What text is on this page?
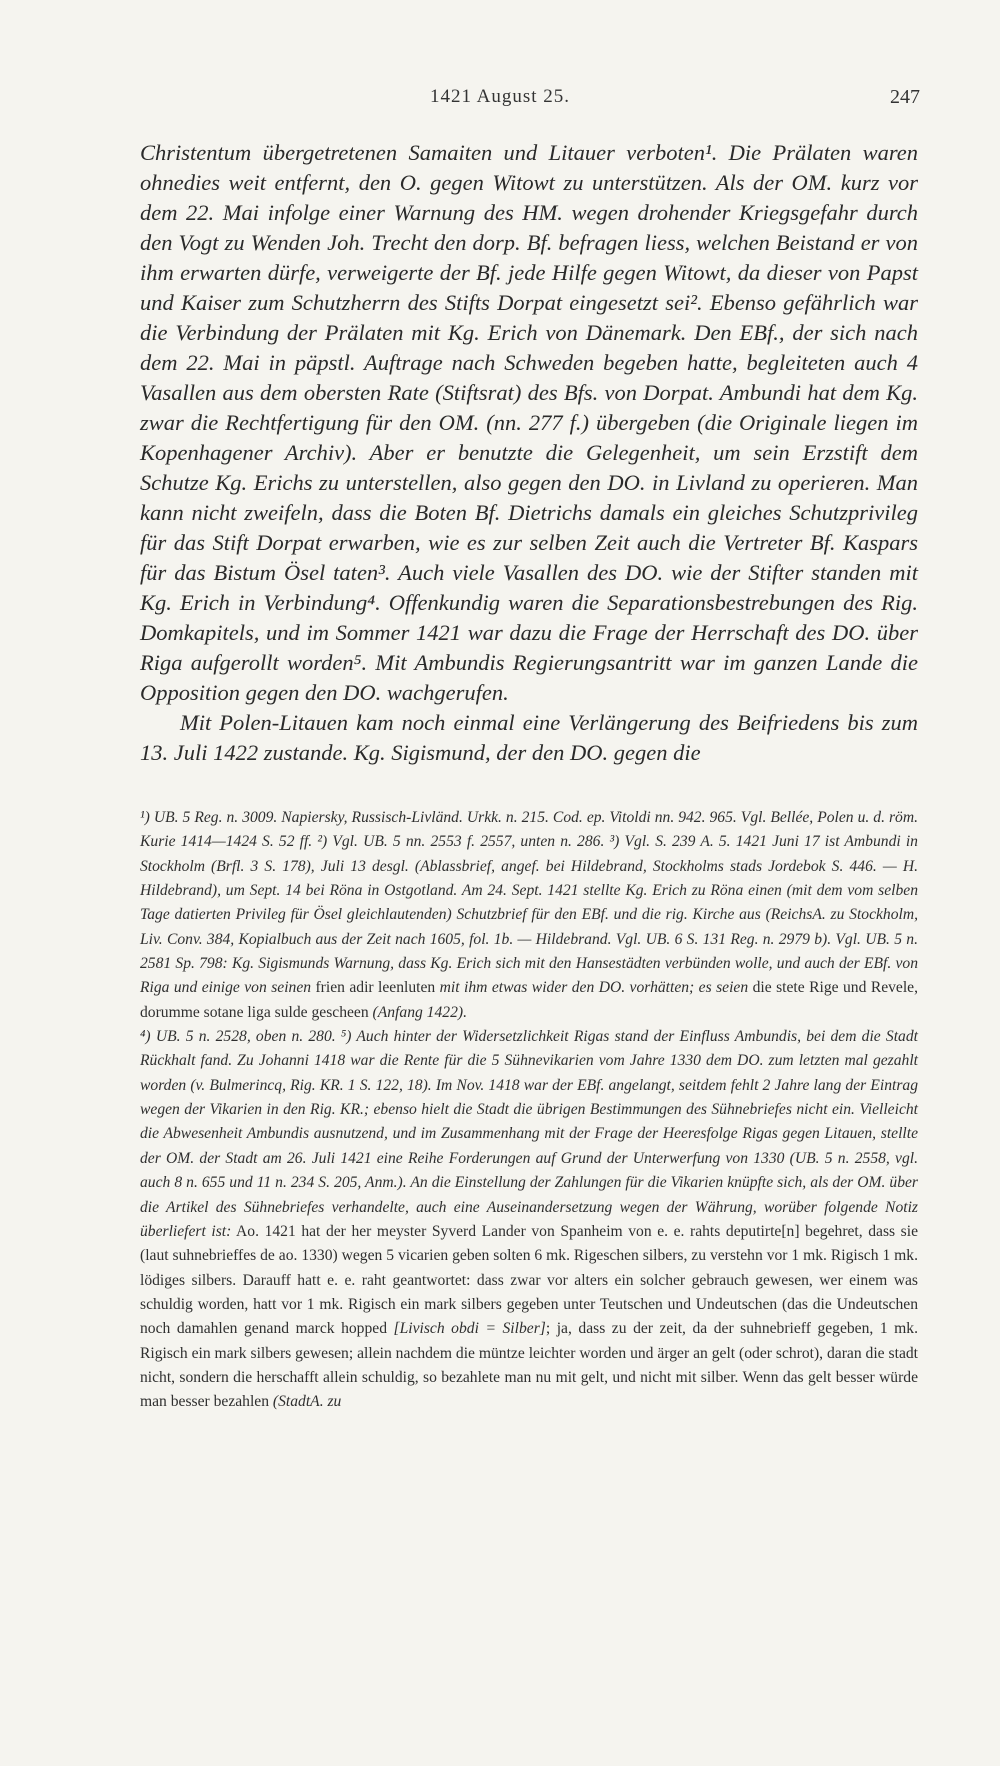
1421 August 25.	247

Christentum übergetretenen Samaiten und Litauer verboten¹. Die Prälaten waren ohnedies weit entfernt, den O. gegen Witowt zu unterstützen. Als der OM. kurz vor dem 22. Mai infolge einer Warnung des HM. wegen drohender Kriegsgefahr durch den Vogt zu Wenden Joh. Trecht den dorp. Bf. befragen liess, welchen Beistand er von ihm erwarten dürfe, verweigerte der Bf. jede Hilfe gegen Witowt, da dieser von Papst und Kaiser zum Schutzherrn des Stifts Dorpat eingesetzt sei². Ebenso gefährlich war die Verbindung der Prälaten mit Kg. Erich von Dänemark. Den EBf., der sich nach dem 22. Mai in päpstl. Auftrage nach Schweden begeben hatte, begleiteten auch 4 Vasallen aus dem obersten Rate (Stiftsrat) des Bfs. von Dorpat. Ambundi hat dem Kg. zwar die Rechtfertigung für den OM. (nn. 277 f.) übergeben (die Originale liegen im Kopenhagener Archiv). Aber er benutzte die Gelegenheit, um sein Erzstift dem Schutze Kg. Erichs zu unterstellen, also gegen den DO. in Livland zu operieren. Man kann nicht zweifeln, dass die Boten Bf. Dietrichs damals ein gleiches Schutzprivileg für das Stift Dorpat erwarben, wie es zur selben Zeit auch die Vertreter Bf. Kaspars für das Bistum Ösel taten³. Auch viele Vasallen des DO. wie der Stifter standen mit Kg. Erich in Verbindung⁴. Offenkundig waren die Separationsbestrebungen des Rig. Domkapitels, und im Sommer 1421 war dazu die Frage der Herrschaft des DO. über Riga aufgerollt worden⁵. Mit Ambundis Regierungsantritt war im ganzen Lande die Opposition gegen den DO. wachgerufen.

Mit Polen-Litauen kam noch einmal eine Verlängerung des Beifriedens bis zum 13. Juli 1422 zustande. Kg. Sigismund, der den DO. gegen die

¹) UB. 5 Reg. n. 3009. Napiersky, Russisch-Livländ. Urkk. n. 215. Cod. ep. Vitoldi nn. 942. 965. Vgl. Bellée, Polen u. d. röm. Kurie 1414—1424 S. 52 ff. ²) Vgl. UB. 5 nn. 2553 f. 2557, unten n. 286. ³) Vgl. S. 239 A. 5. 1421 Juni 17 ist Ambundi in Stockholm (Brfl. 3 S. 178), Juli 13 desgl. (Ablassbrief, angef. bei Hildebrand, Stockholms stads Jordebok S. 446. — H. Hildebrand), um Sept. 14 bei Röna in Ostgotland. Am 24. Sept. 1421 stellte Kg. Erich zu Röna einen (mit dem vom selben Tage datierten Privileg für Ösel gleichlautenden) Schutzbrief für den EBf. und die rig. Kirche aus (ReichsA. zu Stockholm, Liv. Conv. 384, Kopialbuch aus der Zeit nach 1605, fol. 1b. — Hildebrand. Vgl. UB. 6 S. 131 Reg. n. 2979 b). Vgl. UB. 5 n. 2581 Sp. 798: Kg. Sigismunds Warnung, dass Kg. Erich sich mit den Hansestädten verbünden wolle, und auch der EBf. von Riga und einige von seinen frien adir leenluten mit ihm etwas wider den DO. vorhätten; es seien die stete Rige und Revele, dorumme sotane liga sulde gescheen (Anfang 1422).

⁴) UB. 5 n. 2528, oben n. 280. ⁵) Auch hinter der Widersetzlichkeit Rigas stand der Einfluss Ambundis, bei dem die Stadt Rückhalt fand. Zu Johanni 1418 war die Rente für die 5 Sühnevikarien vom Jahre 1330 dem DO. zum letzten mal gezahlt worden (v. Bulmerincq, Rig. KR. 1 S. 122, 18). Im Nov. 1418 war der EBf. angelangt, seitdem fehlt 2 Jahre lang der Eintrag wegen der Vikarien in den Rig. KR.; ebenso hielt die Stadt die übrigen Bestimmungen des Sühnebriefes nicht ein. Vielleicht die Abwesenheit Ambundis ausnutzend, und im Zusammenhang mit der Frage der Heeresfolge Rigas gegen Litauen, stellte der OM. der Stadt am 26. Juli 1421 eine Reihe Forderungen auf Grund der Unterwerfung von 1330 (UB. 5 n. 2558, vgl. auch 8 n. 655 und 11 n. 234 S. 205, Anm.). An die Einstellung der Zahlungen für die Vikarien knüpfte sich, als der OM. über die Artikel des Sühnebriefes verhandelte, auch eine Auseinandersetzung wegen der Währung, worüber folgende Notiz überliefert ist: Ao. 1421 hat der her meyster Syverd Lander von Spanheim von e. e. rahts deputirte[n] begehret, dass sie (laut suhnebrieffes de ao. 1330) wegen 5 vicarien geben solten 6 mk. Rigeschen silbers, zu verstehn vor 1 mk. Rigisch 1 mk. lödiges silbers. Darauff hatt e. e. raht geantwortet: dass zwar vor alters ein solcher gebrauch gewesen, wer einem was schuldig worden, hatt vor 1 mk. Rigisch ein mark silbers gegeben unter Teutschen und Undeutschen (das die Undeutschen noch damahlen genand marck hopped [Livisch obdi = Silber]; ja, dass zu der zeit, da der suhnebrieff gegeben, 1 mk. Rigisch ein mark silbers gewesen; allein nachdem die müntze leichter worden und ärger an gelt (oder schrot), daran die stadt nicht, sondern die herschafft allein schuldig, so bezahlete man nu mit gelt, und nicht mit silber. Wenn das gelt besser würde man besser bezahlen (StadtA. zu
